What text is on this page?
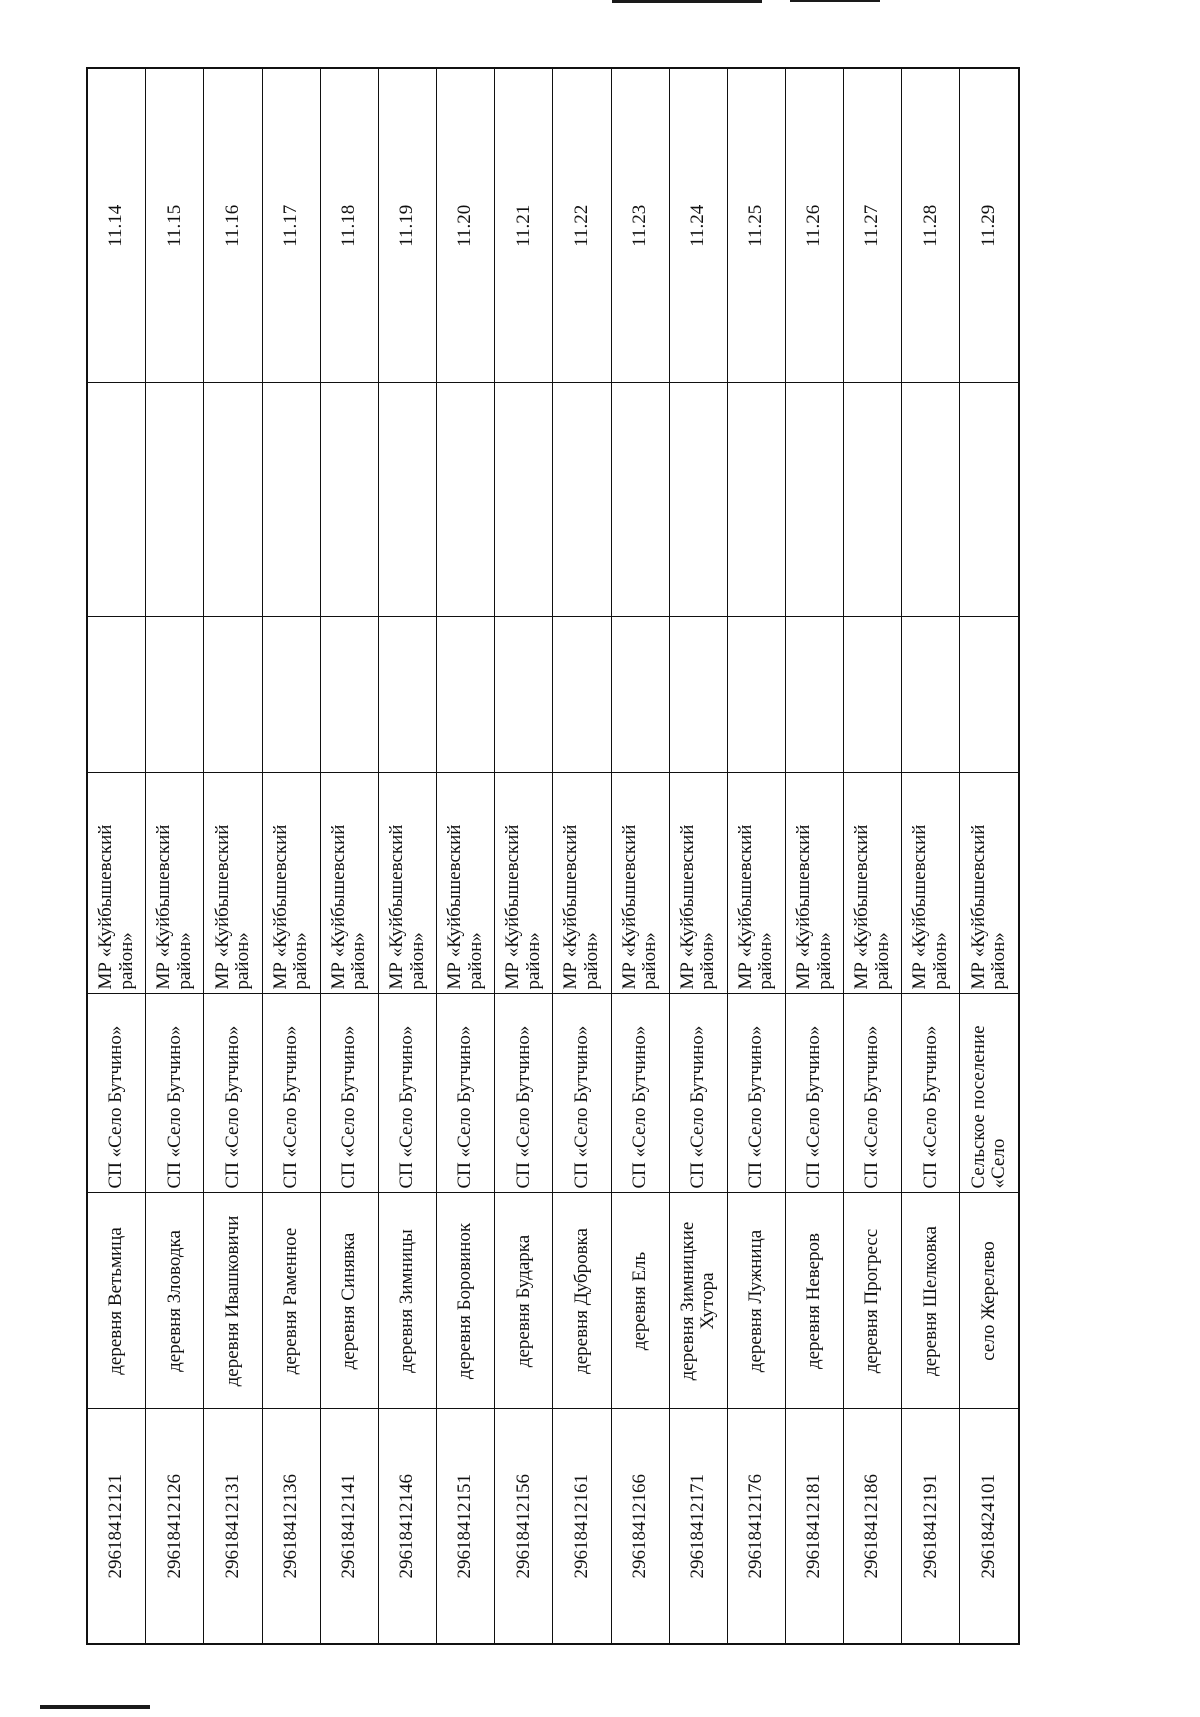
29618412121	деревня Ветьмица	СП «Село Бутчино»	МР «Куйбышевский район»			11.14
29618412126	деревня Зловодка	СП «Село Бутчино»	МР «Куйбышевский район»			11.15
29618412131	деревня Ивашковичи	СП «Село Бутчино»	МР «Куйбышевский район»			11.16
29618412136	деревня Раменное	СП «Село Бутчино»	МР «Куйбышевский район»			11.17
29618412141	деревня Синявка	СП «Село Бутчино»	МР «Куйбышевский район»			11.18
29618412146	деревня Зимницы	СП «Село Бутчино»	МР «Куйбышевский район»			11.19
29618412151	деревня Боровинок	СП «Село Бутчино»	МР «Куйбышевский район»			11.20
29618412156	деревня Бударка	СП «Село Бутчино»	МР «Куйбышевский район»			11.21
29618412161	деревня Дубровка	СП «Село Бутчино»	МР «Куйбышевский район»			11.22
29618412166	деревня Ель	СП «Село Бутчино»	МР «Куйбышевский район»			11.23
29618412171	деревня Зимницкие Хутора	СП «Село Бутчино»	МР «Куйбышевский район»			11.24
29618412176	деревня Лужница	СП «Село Бутчино»	МР «Куйбышевский район»			11.25
29618412181	деревня Неверов	СП «Село Бутчино»	МР «Куйбышевский район»			11.26
29618412186	деревня Прогресс	СП «Село Бутчино»	МР «Куйбышевский район»			11.27
29618412191	деревня Шелковка	СП «Село Бутчино»	МР «Куйбышевский район»			11.28
29618424101	село Жерелево	Сельское поселение «Село	МР «Куйбышевский район»			11.29
